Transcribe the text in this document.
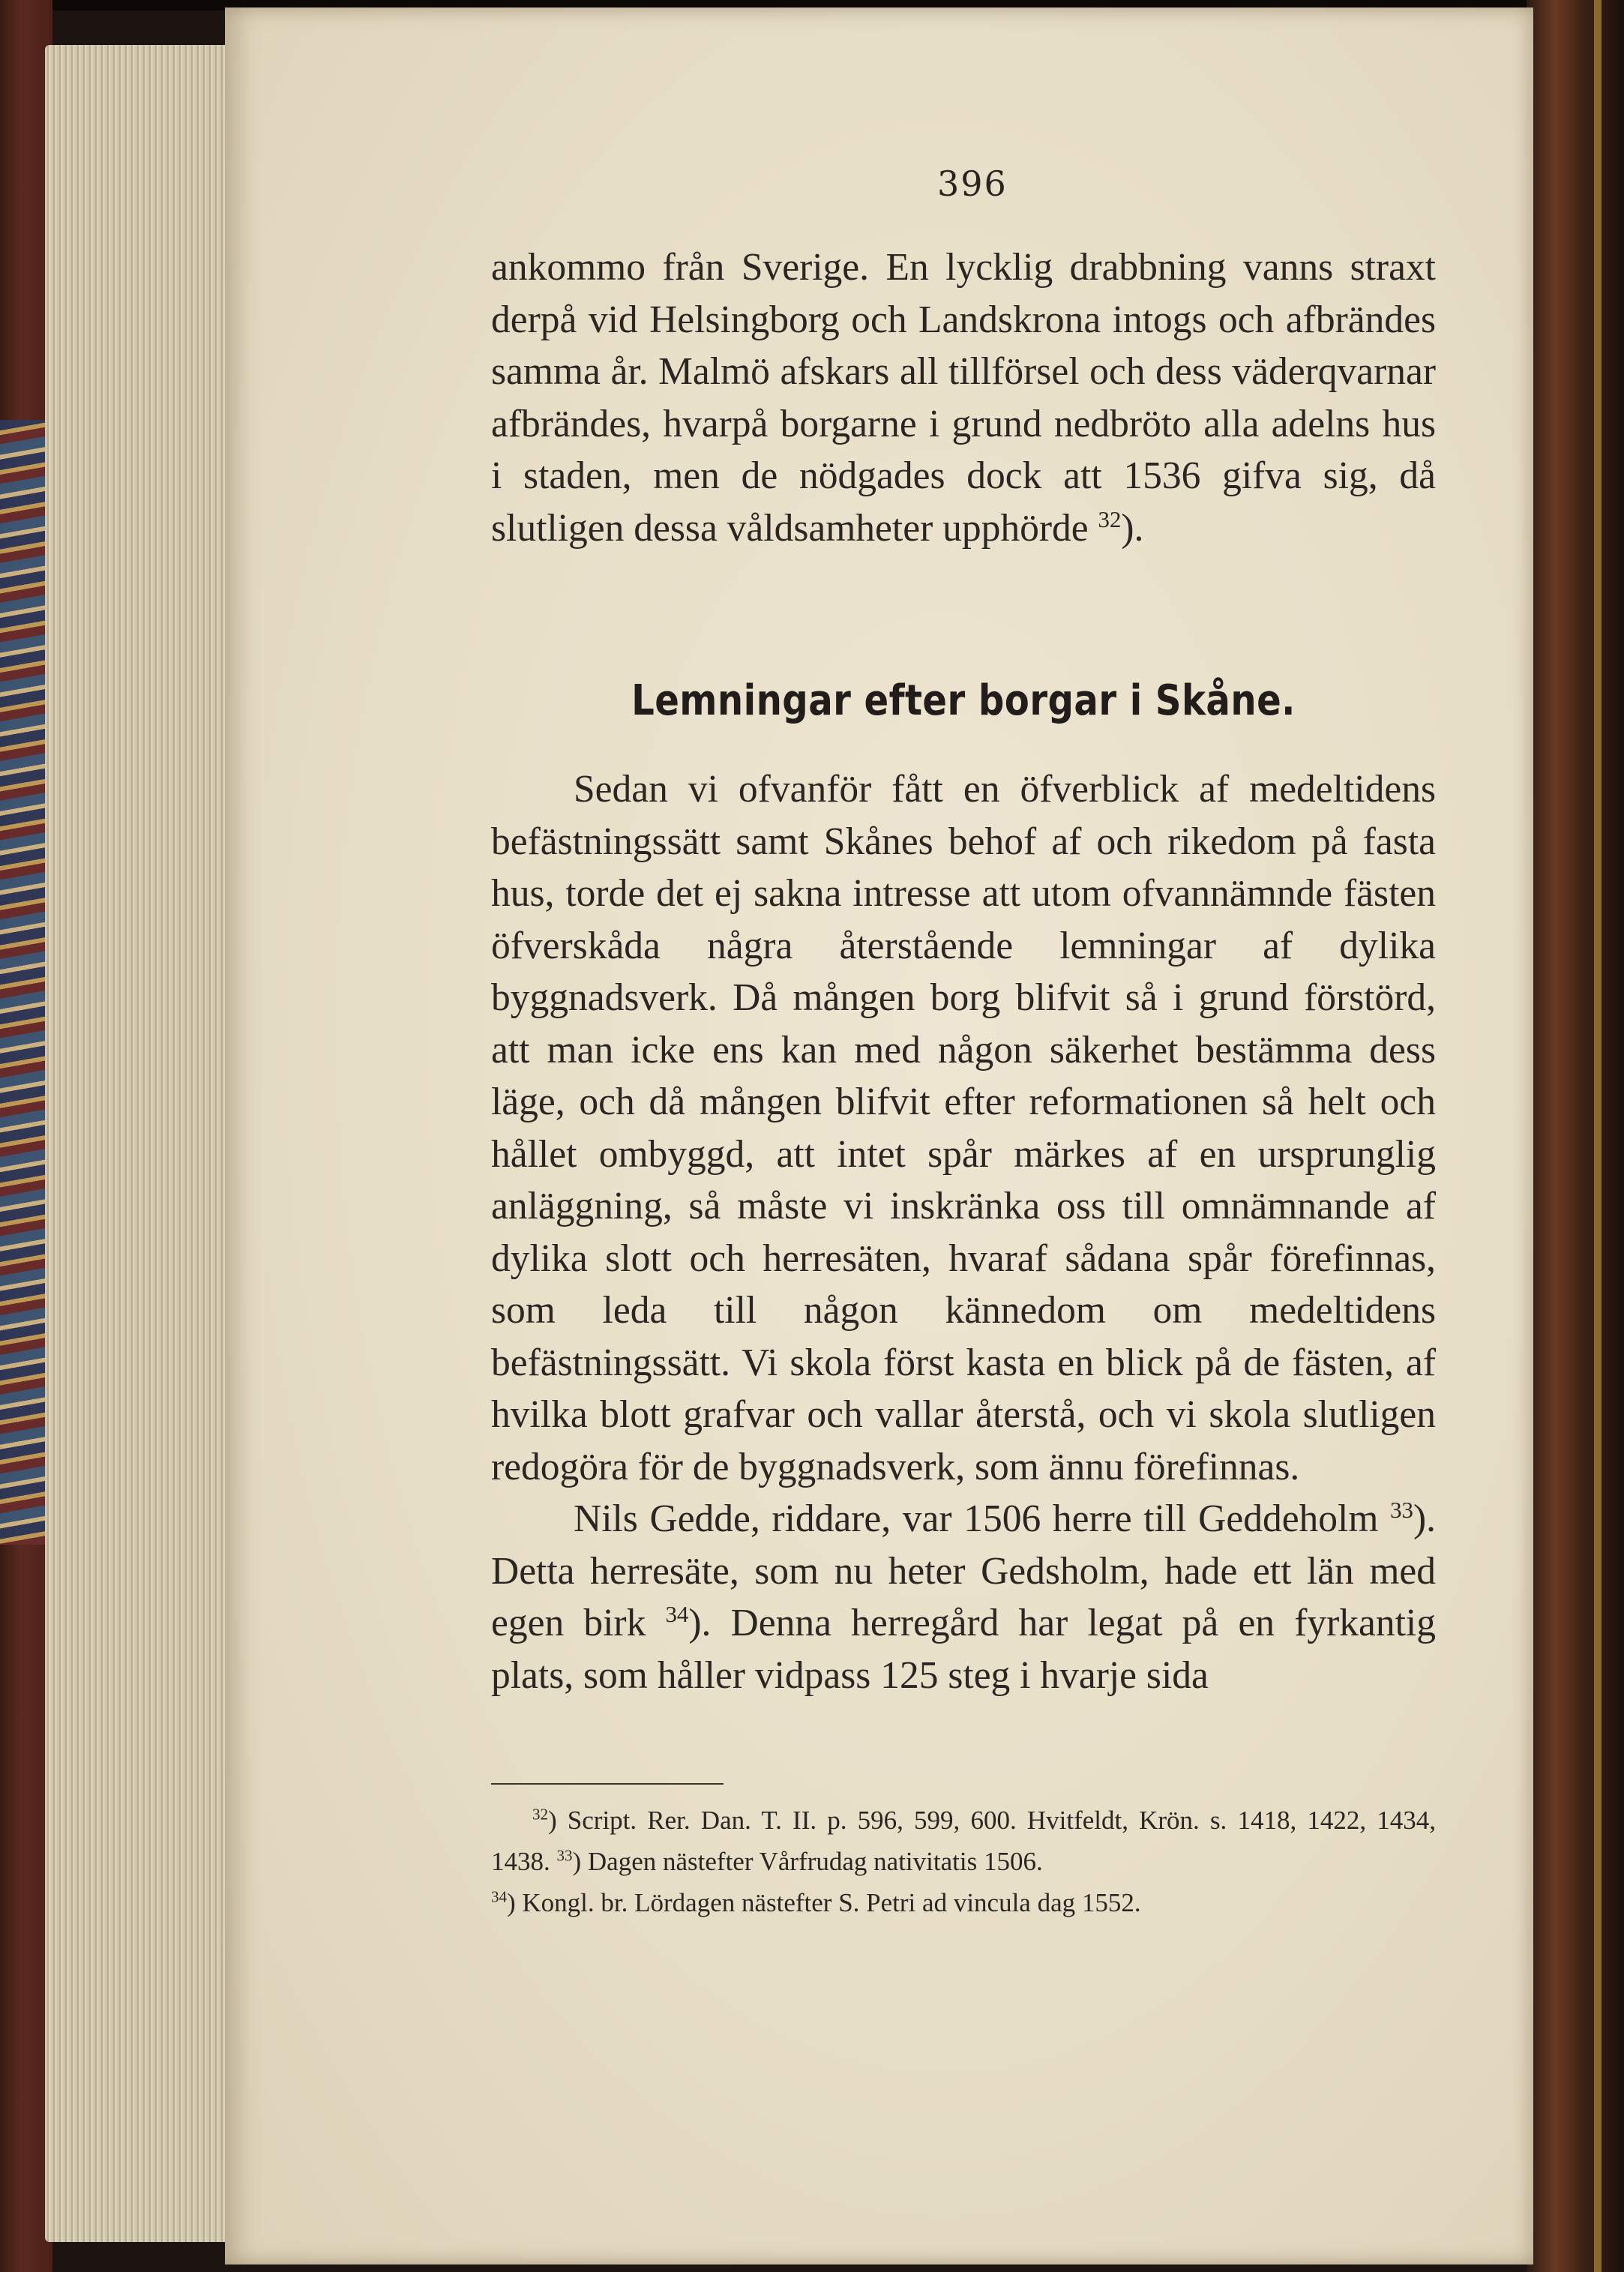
396

ankommo från Sverige. En lycklig drabbning vanns straxt derpå vid Helsingborg och Landskrona intogs och afbrändes samma år. Malmö afskars all tillförsel och dess väderqvarnar afbrändes, hvarpå borgarne i grund nedbröto alla adelns hus i staden, men de nödgades dock att 1536 gifva sig, då slutligen dessa våldsamheter upphörde $^{32}$).

Lemningar efter borgar i Skåne.

Sedan vi ofvanför fått en öfverblick af medeltidens befästningssätt samt Skånes behof af och rikedom på fasta hus, torde det ej sakna intresse att utom ofvannämnde fästen öfverskåda några återstående lemningar af dylika byggnadsverk. Då mången borg blifvit så i grund förstörd, att man icke ens kan med någon säkerhet bestämma dess läge, och då mången blifvit efter reformationen så helt och hållet ombyggd, att intet spår märkes af en ursprunglig anläggning, så måste vi inskränka oss till omnämnande af dylika slott och herresäten, hvaraf sådana spår förefinnas, som leda till någon kännedom om medeltidens befästningssätt. Vi skola först kasta en blick på de fästen, af hvilka blott grafvar och vallar återstå, och vi skola slutligen redogöra för de byggnadsverk, som ännu förefinnas.

Nils Gedde, riddare, var 1506 herre till Geddeholm $^{33}$). Detta herresäte, som nu heter Gedsholm, hade ett län med egen birk $^{34}$). Denna herregård har legat på en fyrkantig plats, som håller vidpass 125 steg i hvarje sida

$^{32}$) Script. Rer. Dan. T. II. p. 596, 599, 600. Hvitfeldt, Krön. s. 1418, 1422, 1434, 1438. $^{33}$) Dagen nästefter Vårfrudag nativitatis 1506.
$^{34}$) Kongl. br. Lördagen nästefter S. Petri ad vincula dag 1552.
